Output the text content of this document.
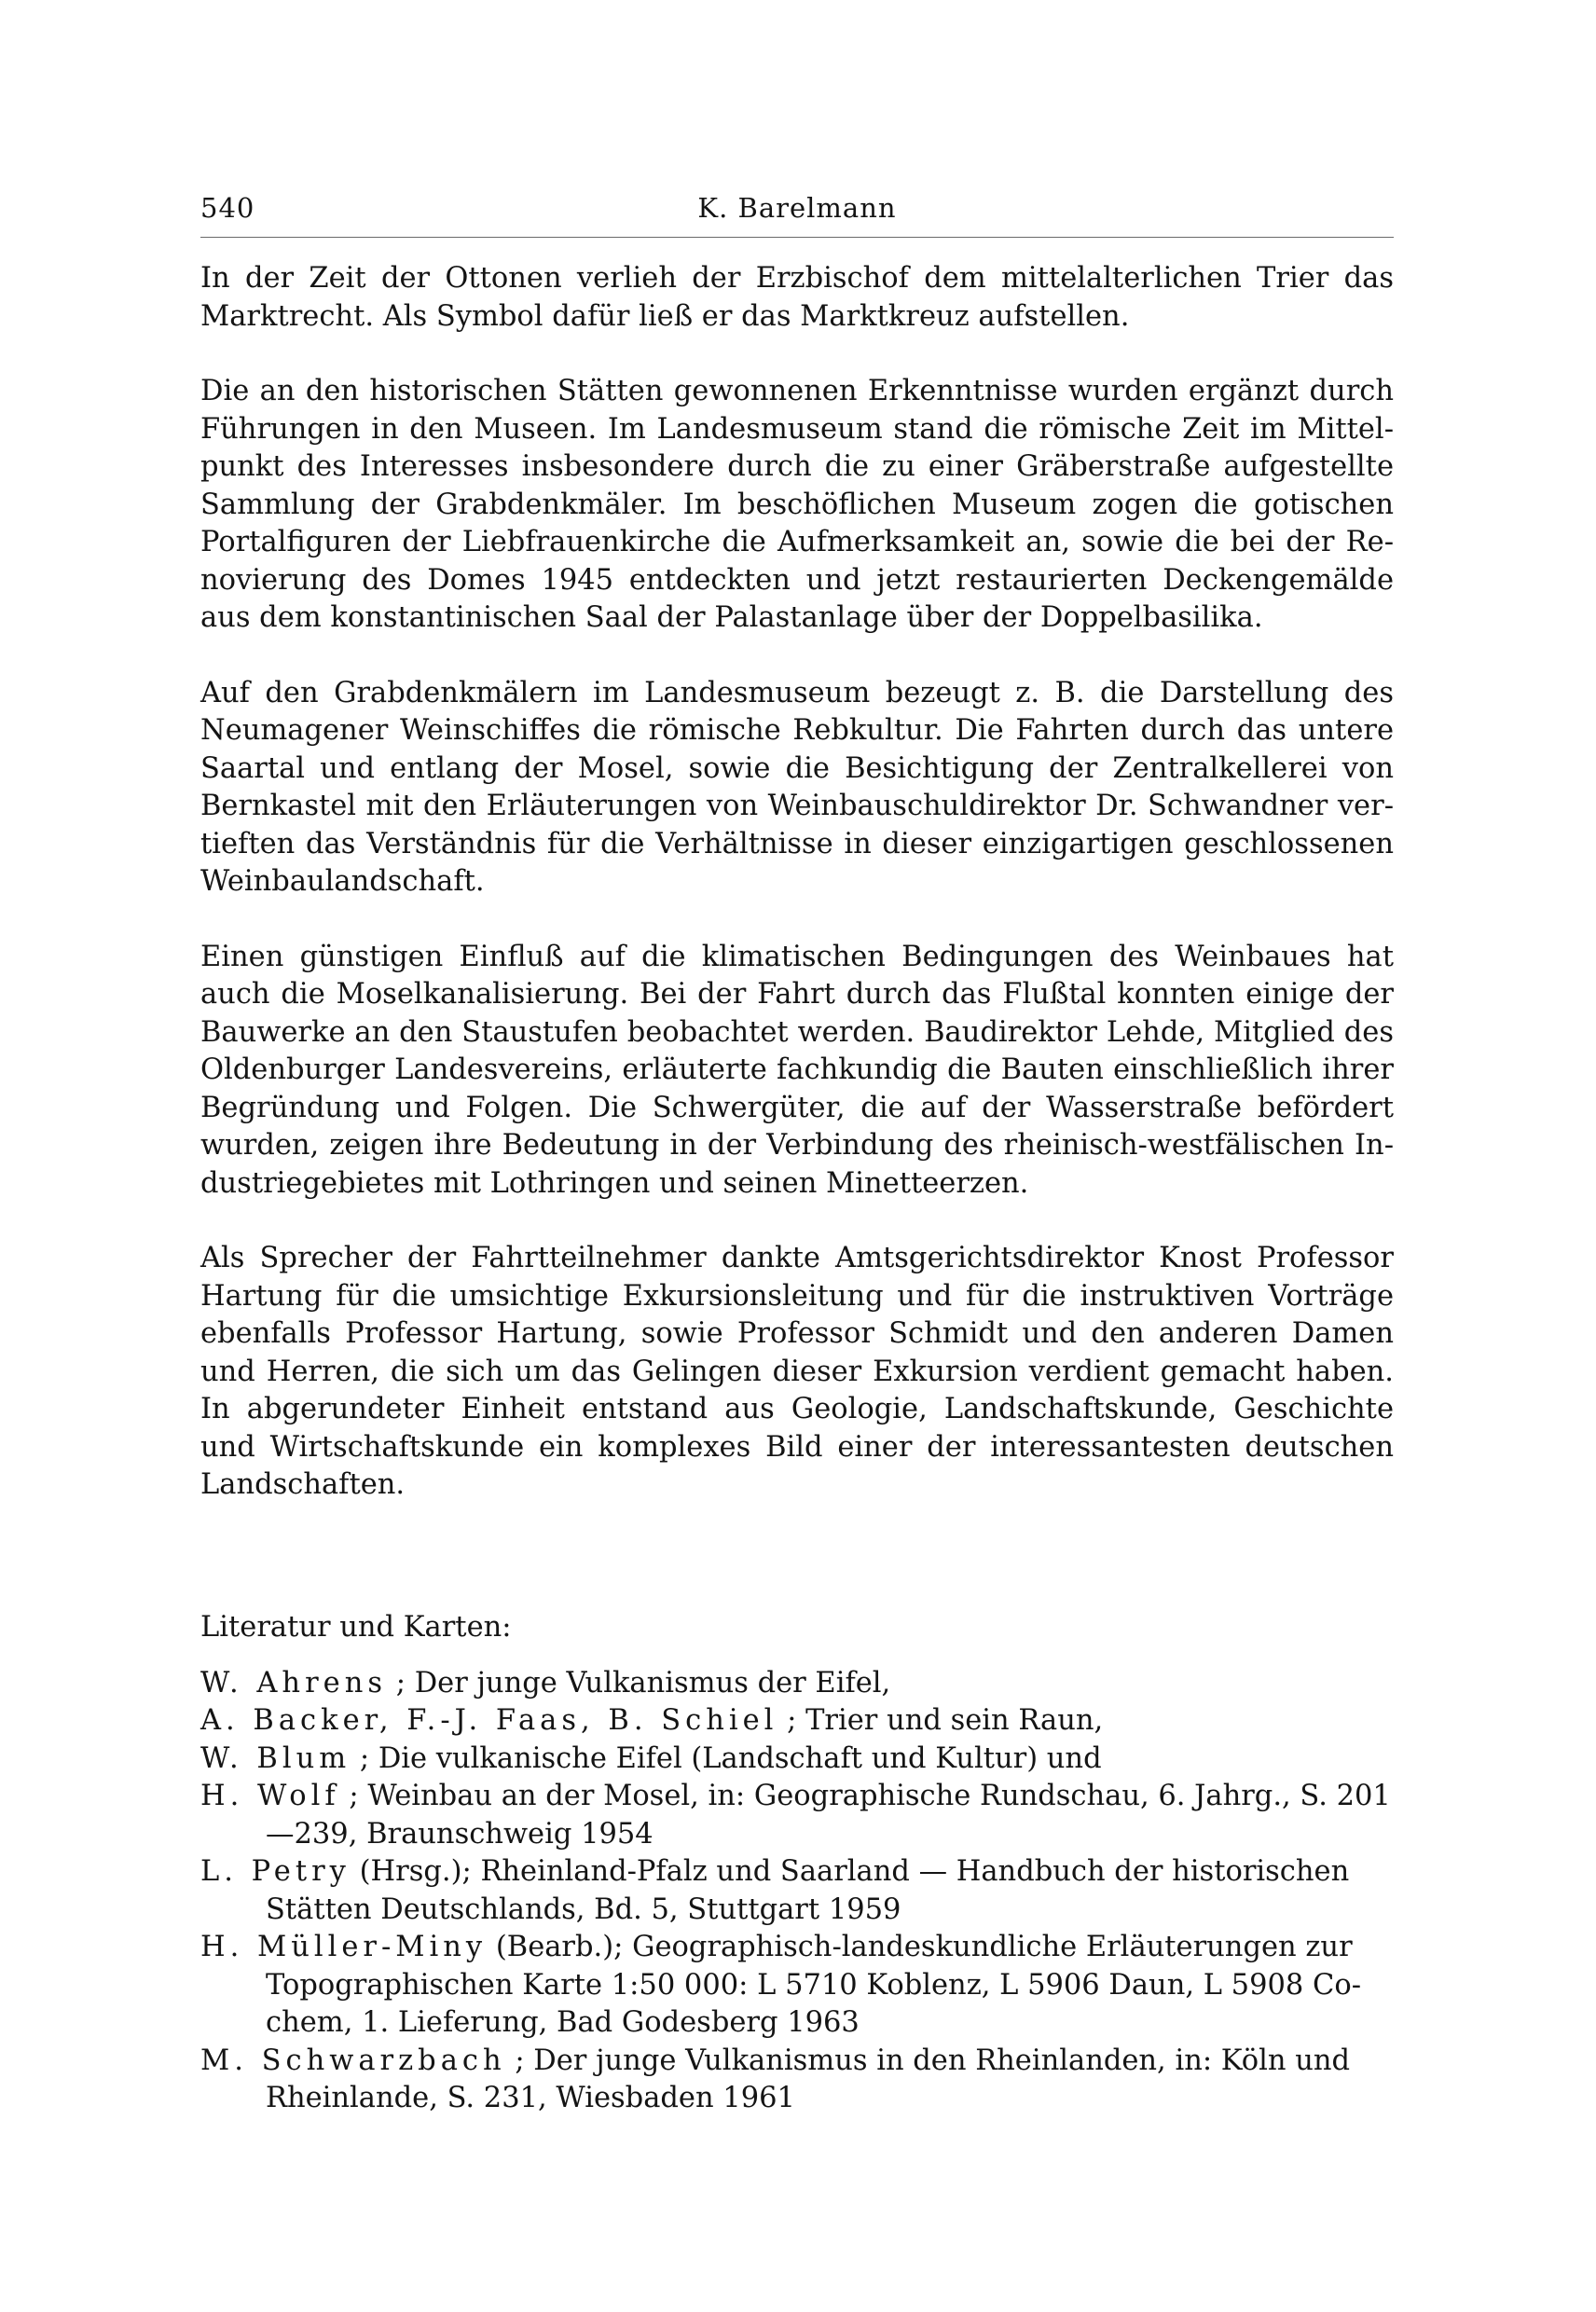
540	K. Barelmann

In der Zeit der Ottonen verlieh der Erzbischof dem mittelalterlichen Trier das Marktrecht. Als Symbol dafür ließ er das Marktkreuz aufstellen.

Die an den historischen Stätten gewonnenen Erkenntnisse wurden ergänzt durch Führungen in den Museen. Im Landesmuseum stand die römische Zeit im Mittelpunkt des Interesses insbesondere durch die zu einer Gräberstraße aufgestellte Sammlung der Grabdenkmäler. Im beschöflichen Museum zogen die gotischen Portalfiguren der Liebfrauenkirche die Aufmerksamkeit an, sowie die bei der Renovierung des Domes 1945 entdeckten und jetzt restaurierten Deckengemälde aus dem konstantinischen Saal der Palastanlage über der Doppelbasilika.

Auf den Grabdenkmälern im Landesmuseum bezeugt z. B. die Darstellung des Neumagener Weinschiffes die römische Rebkultur. Die Fahrten durch das untere Saartal und entlang der Mosel, sowie die Besichtigung der Zentralkellerei von Bernkastel mit den Erläuterungen von Weinbauschuldirektor Dr. Schwandner vertieften das Verständnis für die Verhältnisse in dieser einzigartigen geschlossenen Weinbaulandschaft.

Einen günstigen Einfluß auf die klimatischen Bedingungen des Weinbaues hat auch die Moselkanalisierung. Bei der Fahrt durch das Flußtal konnten einige der Bauwerke an den Staustufen beobachtet werden. Baudirektor Lehde, Mitglied des Oldenburger Landesvereins, erläuterte fachkundig die Bauten einschließlich ihrer Begründung und Folgen. Die Schwergüter, die auf der Wasserstraße befördert wurden, zeigen ihre Bedeutung in der Verbindung des rheinisch-westfälischen Industriegebietes mit Lothringen und seinen Minetteerzen.

Als Sprecher der Fahrtteilnehmer dankte Amtsgerichtsdirektor Knost Professor Hartung für die umsichtige Exkursionsleitung und für die instruktiven Vorträge ebenfalls Professor Hartung, sowie Professor Schmidt und den anderen Damen und Herren, die sich um das Gelingen dieser Exkursion verdient gemacht haben. In abgerundeter Einheit entstand aus Geologie, Landschaftskunde, Geschichte und Wirtschaftskunde ein komplexes Bild einer der interessantesten deutschen Landschaften.

Literatur und Karten:
W. Ahrens ; Der junge Vulkanismus der Eifel,
A. Backer, F.-J. Faas, B. Schiel ; Trier und sein Raun,
W. Blum ; Die vulkanische Eifel (Landschaft und Kultur) und
H. Wolf ; Weinbau an der Mosel, in: Geographische Rundschau, 6. Jahrg., S. 201—239, Braunschweig 1954
L. Petry (Hrsg.); Rheinland-Pfalz und Saarland — Handbuch der historischen Stätten Deutschlands, Bd. 5, Stuttgart 1959
H. Müller-Miny (Bearb.); Geographisch-landeskundliche Erläuterungen zur Topographischen Karte 1:50 000: L 5710 Koblenz, L 5906 Daun, L 5908 Cochem, 1. Lieferung, Bad Godesberg 1963
M. Schwarzbach ; Der junge Vulkanismus in den Rheinlanden, in: Köln und Rheinlande, S. 231, Wiesbaden 1961
